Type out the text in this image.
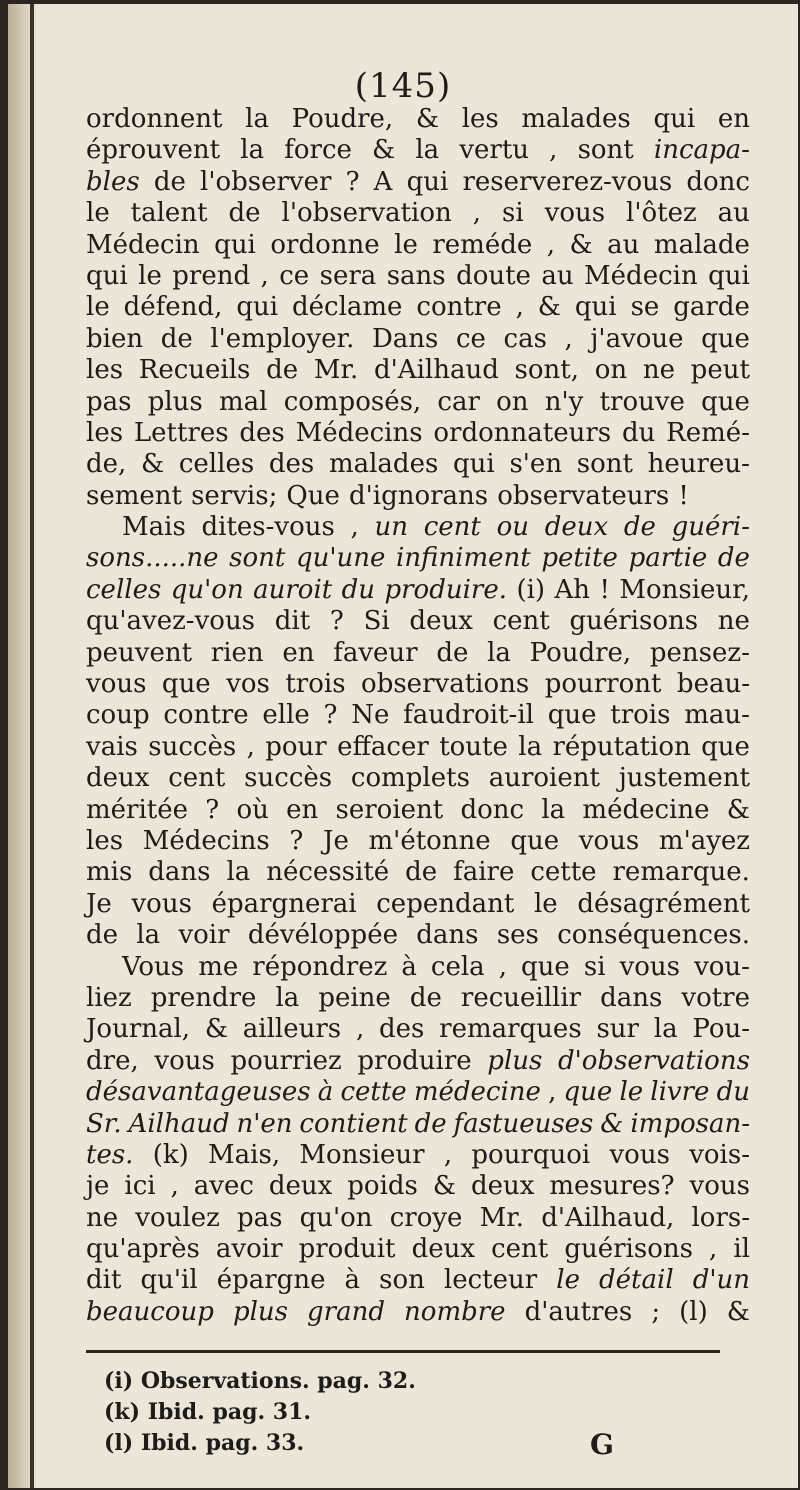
(145)
ordonnent la Poudre, & les malades qui en
éprouvent la force & la vertu , sont incapa-
bles de l'observer ? A qui reserverez-vous donc
le talent de l'observation , si vous l'ôtez au
Médecin qui ordonne le reméde , & au malade
qui le prend , ce sera sans doute au Médecin qui
le défend, qui déclame contre , & qui se garde
bien de l'employer. Dans ce cas , j'avoue que
les Recueils de Mr. d'Ailhaud sont, on ne peut
pas plus mal composés, car on n'y trouve que
les Lettres des Médecins ordonnateurs du Remé-
de, & celles des malades qui s'en sont heureu-
sement servis; Que d'ignorans observateurs !
Mais dites-vous , un cent ou deux de guéri-
sons.....ne sont qu'une infiniment petite partie de
celles qu'on auroit du produire. (i) Ah ! Monsieur,
qu'avez-vous dit ? Si deux cent guérisons ne
peuvent rien en faveur de la Poudre, pensez-
vous que vos trois observations pourront beau-
coup contre elle ? Ne faudroit-il que trois mau-
vais succès , pour effacer toute la réputation que
deux cent succès complets auroient justement
méritée ? où en seroient donc la médecine &
les Médecins ? Je m'étonne que vous m'ayez
mis dans la nécessité de faire cette remarque.
Je vous épargnerai cependant le désagrément
de la voir dévéloppée dans ses conséquences.
Vous me répondrez à cela , que si vous vou-
liez prendre la peine de recueillir dans votre
Journal, & ailleurs , des remarques sur la Pou-
dre, vous pourriez produire plus d'observations
désavantageuses à cette médecine , que le livre du
Sr. Ailhaud n'en contient de fastueuses & imposan-
tes. (k) Mais, Monsieur , pourquoi vous vois-
je ici , avec deux poids & deux mesures? vous
ne voulez pas qu'on croye Mr. d'Ailhaud, lors-
qu'après avoir produit deux cent guérisons , il
dit qu'il épargne à son lecteur le détail d'un
beaucoup plus grand nombre d'autres ; (l) &
(i) Observations. pag. 32.
(k) Ibid. pag. 31.
(l) Ibid. pag. 33.	G
